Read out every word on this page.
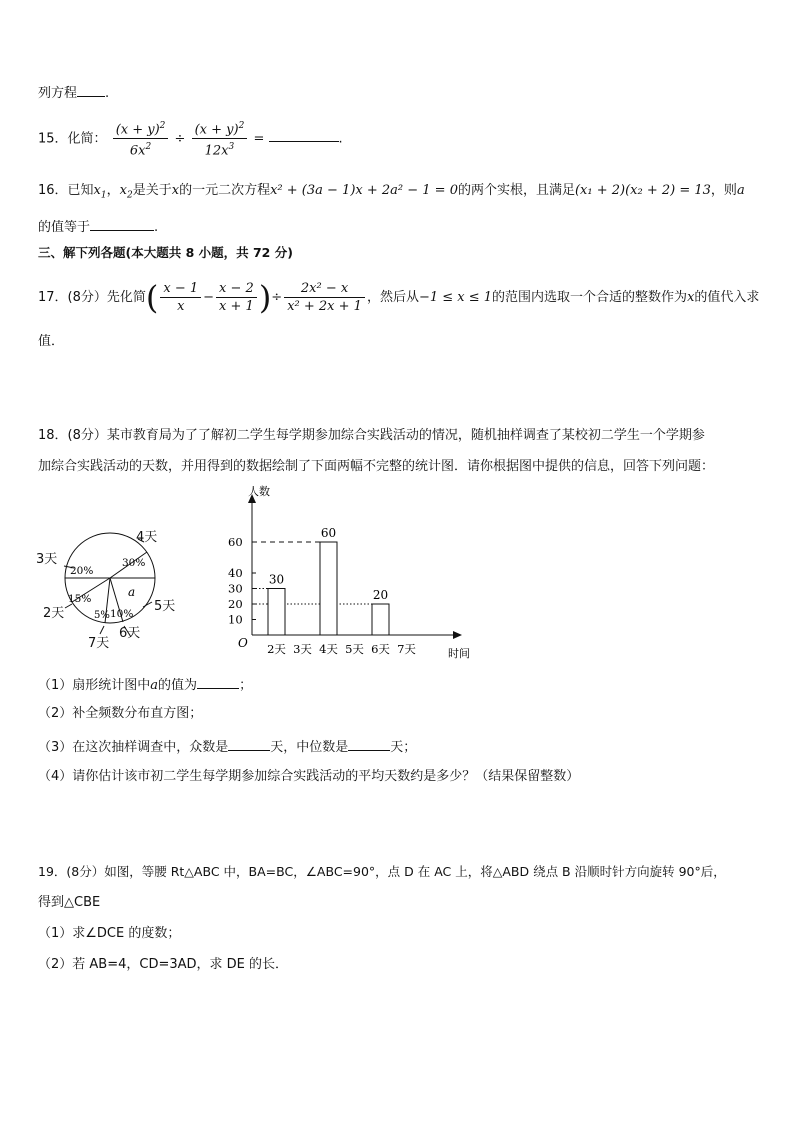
列方程 .
15．化简： $\frac{(x + y)^2}{6x^2} \div \frac{(x + y)^2}{12x^3}$ =	.
16．已知$x_1$，$x_2$是关于x的一元二次方程x² + (3a − 1)x + 2a² − 1 = 0的两个实根，且满足(x₁ + 2)(x₂ + 2) = 13，则a
的值等于	.
三、解下列各题(本大题共 8 小题，共 72 分)
17．(8分）先化简( $\frac{x - 1}{x} - \frac{x - 2}{x + 1}$ )÷ $\frac{\text{2x² − x}}{\text{x² + 2x + 1}}$ ，然后从−1 ≤ x ≤ 1的范围内选取一个合适的整数作为x的值代入求
值．
18．(8分）某市教育局为了了解初二学生每学期参加综合实践活动的情况，随机抽样调查了某校初二学生一个学期参
加综合实践活动的天数，并用得到的数据绘制了下面两幅不完整的统计图．请你根据图中提供的信息，回答下列问题：
30%
20%
15%
5% 10%
a
3天
4天
5天
6天
7天
2天
人数
时间
O
10
20
30
40
60
2天
30
3天 4天
60
5天 6天
20
7天
（1）扇形统计图中a的值为	；
（2）补全频数分布直方图；
（3）在这次抽样调查中，众数是	天，中位数是	天；
（4）请你估计该市初二学生每学期参加综合实践活动的平均天数约是多少？（结果保留整数）
19．(8分）如图，等腰 Rt△ABC 中，BA=BC，∠ABC=90°，点 D 在 AC 上，将△ABD 绕点 B 沿顺时针方向旋转 90°后，
得到△CBE
（1）求∠DCE 的度数；
（2）若 AB=4，CD=3AD，求 DE 的长．
